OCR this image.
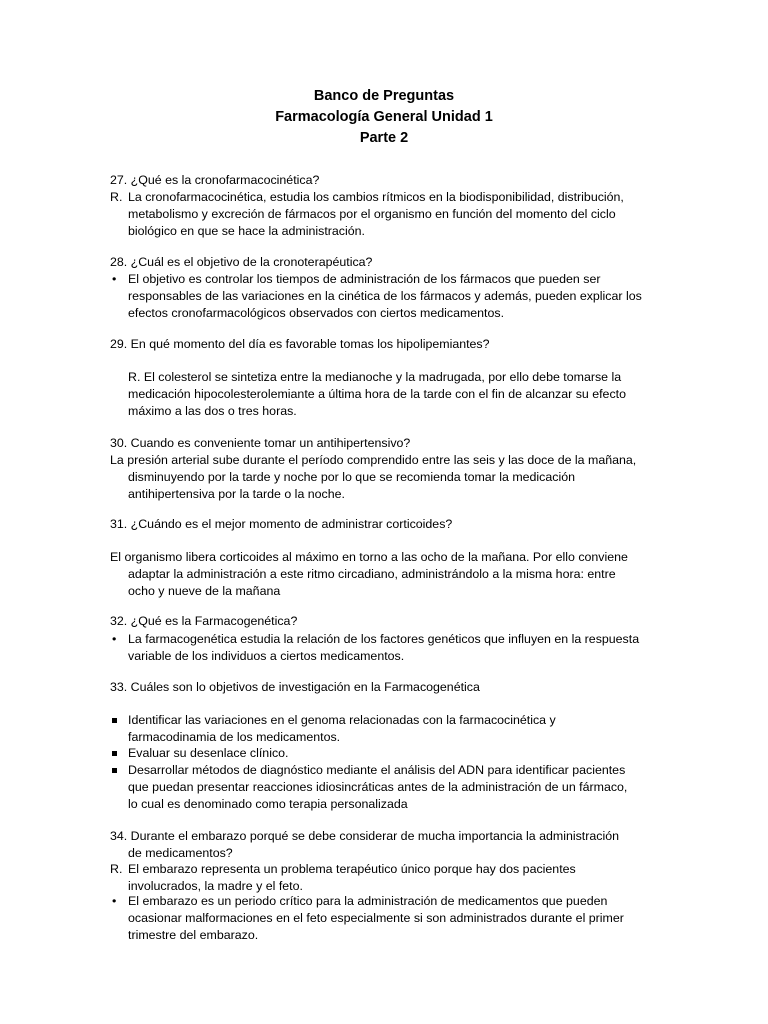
Banco de Preguntas
Farmacología General Unidad 1
Parte 2
27. ¿Qué es la cronofarmacocinética?
R. La cronofarmacocinética, estudia los cambios rítmicos en la biodisponibilidad, distribución,
metabolismo y excreción de fármacos por el organismo en función del momento del ciclo
biológico en que se hace la administración.
28. ¿Cuál es el objetivo de la cronoterapéutica?
• El objetivo es controlar los tiempos de administración de los fármacos que pueden ser
responsables de las variaciones en la cinética de los fármacos y además, pueden explicar los
efectos cronofarmacológicos observados con ciertos medicamentos.
29. En qué momento del día es favorable tomas los hipolipemiantes?
R. El colesterol se sintetiza entre la medianoche y la madrugada, por ello debe tomarse la
medicación hipocolesterolemiante a última hora de la tarde con el fin de alcanzar su efecto
máximo a las dos o tres horas.
30. Cuando es conveniente tomar un antihipertensivo?
La presión arterial sube durante el período comprendido entre las seis y las doce de la mañana,
disminuyendo por la tarde y noche por lo que se recomienda tomar la medicación
antihipertensiva por la tarde o la noche.
31. ¿Cuándo es el mejor momento de administrar corticoides?
El organismo libera corticoides al máximo en torno a las ocho de la mañana. Por ello conviene
adaptar la administración a este ritmo circadiano, administrándolo a la misma hora: entre
ocho y nueve de la mañana
32. ¿Qué es la Farmacogenética?
• La farmacogenética estudia la relación de los factores genéticos que influyen en la respuesta
variable de los individuos a ciertos medicamentos.
33. Cuáles son lo objetivos de investigación en la Farmacogenética
Identificar las variaciones en el genoma relacionadas con la farmacocinética y
farmacodinamia de los medicamentos.
Evaluar su desenlace clínico.
Desarrollar métodos de diagnóstico mediante el análisis del ADN para identificar pacientes
que puedan presentar reacciones idiosincráticas antes de la administración de un fármaco,
lo cual es denominado como terapia personalizada
34. Durante el embarazo porqué se debe considerar de mucha importancia la administración
de medicamentos?
R. El embarazo representa un problema terapéutico único porque hay dos pacientes
involucrados, la madre y el feto.
• El embarazo es un periodo crítico para la administración de medicamentos que pueden
ocasionar malformaciones en el feto especialmente si son administrados durante el primer
trimestre del embarazo.
